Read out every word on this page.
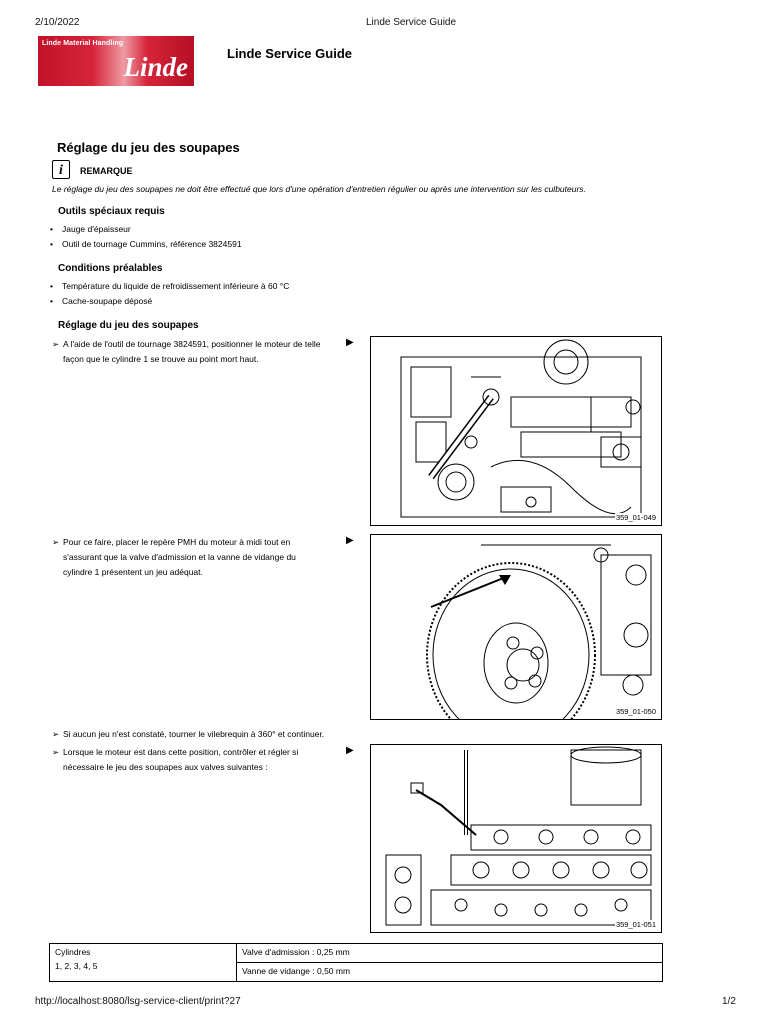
2/10/2022	Linde Service Guide
Linde Material Handling
Linde	Linde Service Guide
Réglage du jeu des soupapes
i	REMARQUE
Le réglage du jeu des soupapes ne doit être effectué que lors d'une opération d'entretien régulier ou après une intervention sur les culbuteurs.
Outils spéciaux requis
• Jauge d'épaisseur
• Outil de tournage Cummins, référence 3824591
Conditions préalables
• Température du liquide de refroidissement inférieure à 60 °C
• Cache-soupape déposé
Réglage du jeu des soupapes
➢ A l'aide de l'outil de tournage 3824591, positionner le moteur de telle
façon que le cylindre 1 se trouve au point mort haut.
▶
➢ Pour ce faire, placer le repère PMH du moteur à midi tout en
s'assurant que la valve d'admission et la vanne de vidange du
cylindre 1 présentent un jeu adéquat.
▶
➢ Si aucun jeu n'est constaté, tourner le vilebrequin à 360° et continuer.
➢ Lorsque le moteur est dans cette position, contrôler et régler si
nécessaire le jeu des soupapes aux valves suivantes :
▶
359_01-049
359_01-050
359_01-051
Cylindres
1, 2, 3, 4, 5
	Valve d'admission : 0,25 mm
Vanne de vidange : 0,50 mm
http://localhost:8080/lsg-service-client/print?27	1/2
